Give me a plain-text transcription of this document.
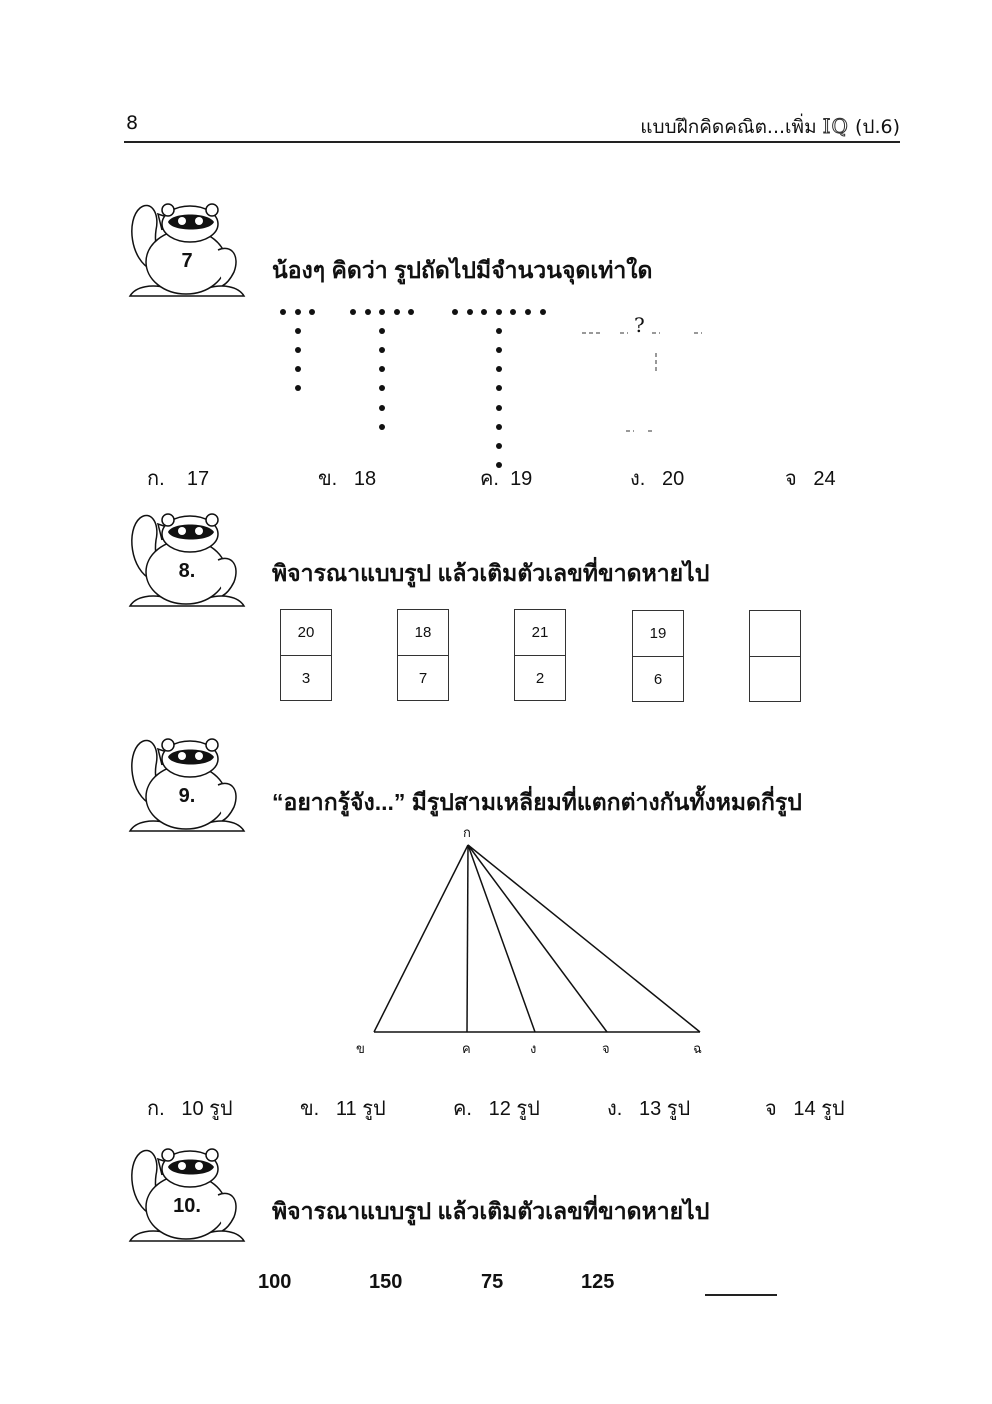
8	แบบฝึกคิดคณิต...เพิ่ม IQ (ป.6)
7	น้องๆ คิดว่า รูปถัดไปมีจำนวนจุดเท่าใด
?
ก. 17	ข. 18	ค. 19	ง. 20	จ 24
8.	พิจารณาแบบรูป แล้วเติมตัวเลขที่ขาดหายไป
20
3
18
7
21
2
19
6
9.	“อยากรู้จัง...” มีรูปสามเหลี่ยมที่แตกต่างกันทั้งหมดกี่รูป
ก
ข	ค	ง	จ	ฉ
ก. 10 รูป	ข. 11 รูป	ค. 12 รูป	ง. 13 รูป	จ 14 รูป
10.	พิจารณาแบบรูป แล้วเติมตัวเลขที่ขาดหายไป
100	150	75	125
